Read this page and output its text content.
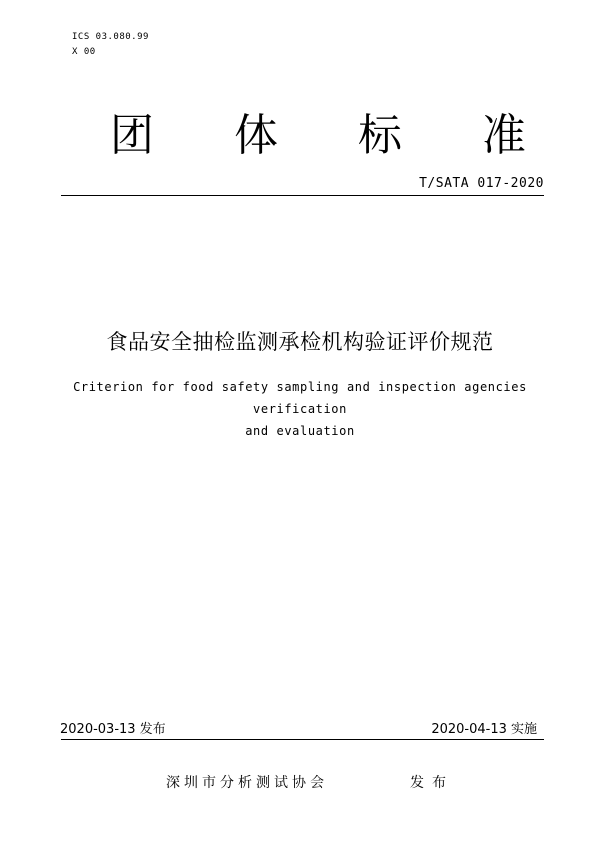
ICS 03.080.99
X 00
团 体 标 准
T/SATA 017-2020
食品安全抽检监测承检机构验证评价规范
Criterion for food safety sampling and inspection agencies verification
and evaluation
2020-03-13 发布	2020-04-13 实施
深圳市分析测试协会	发布
